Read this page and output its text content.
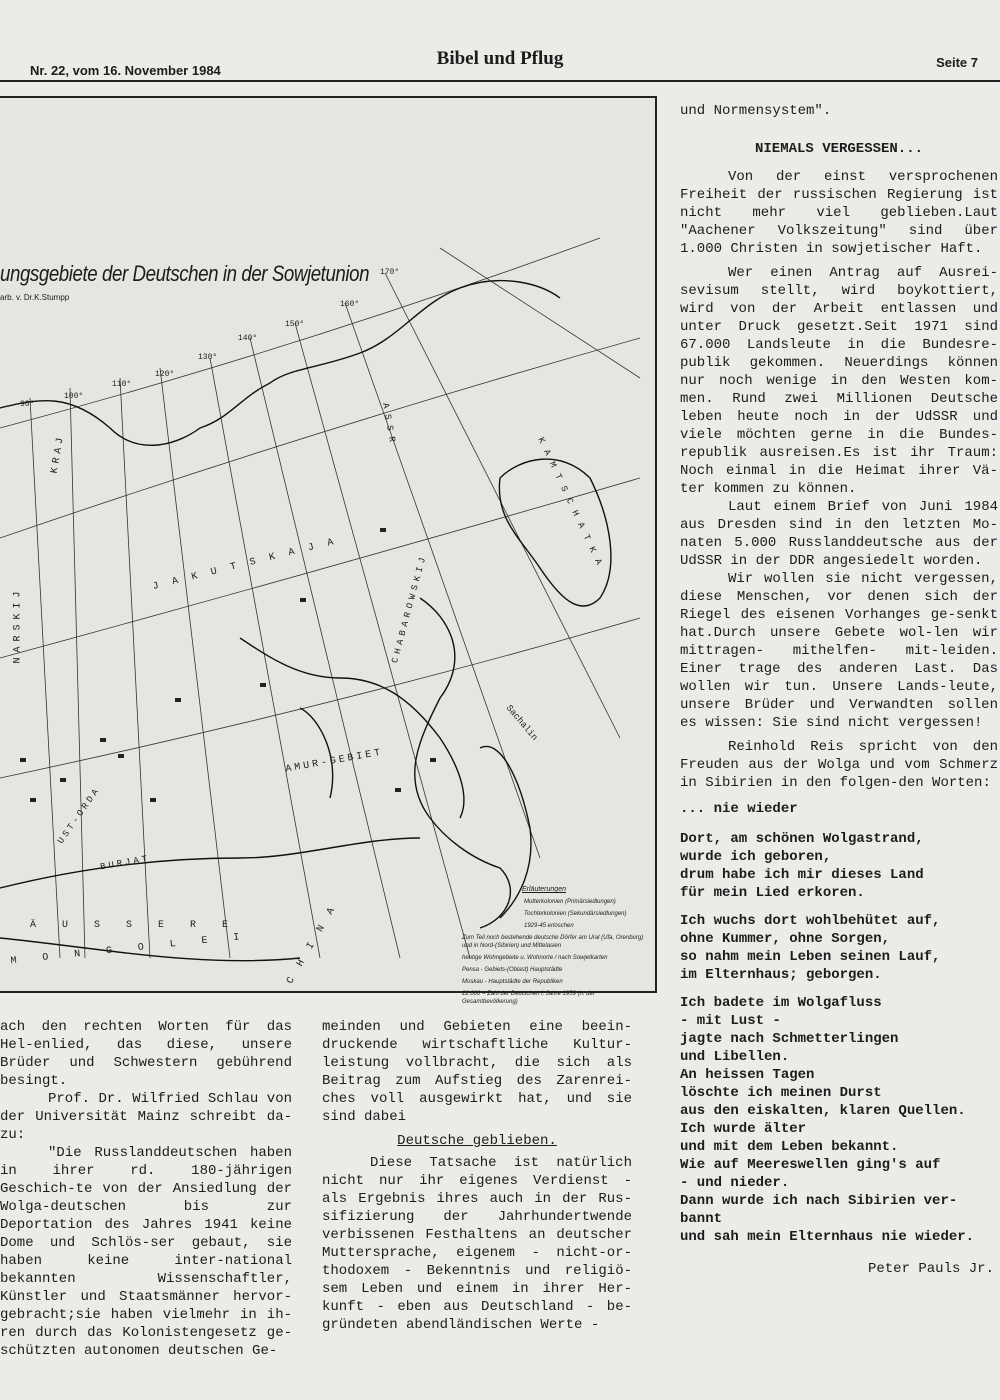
Nr. 22, vom 16. November 1984
Bibel und Pflug	Seite 7
ungsgebiete der Deutschen in der Sowjetunion
arb. v. Dr.K.Stumpp
KRAJ
JAKUTSKAJA
ASSR
AMUR-GEBIET
CHABAROWSKIJ
KAMTSCHATKA
ÄUSSERE
MONGOLEI CHINA
Sachalin
NARSKIJ
UST-ORDA
BURJAT
90°
100°
110°
120°
130°
140°
150°
160°
170°
Erläuterungen
Mutterkolonien (Primärsiedlungen)
Tochterkolonien (Sekundärsiedlungen)
1929-45 erloschen
Zum Teil noch bestehende deutsche Dörfer am Ural (Ufa, Orenburg) und in Nord-(Sibirien) und Mittelasien
heutige Wohngebiete u. Wohnorte / nach Sowjetkarten
Pensa - Gebiets-(Oblast) Hauptstädte
Moskau - Hauptstädte der Republiken
22.000 = Zahl der Deutschen i. Jahre 1959 (n. der Gesamtbevölkerung)

ach den rechten Worten für das Hel-enlied, das diese, unsere Brüder und Schwestern gebührend besingt.

Prof. Dr. Wilfried Schlau von der Universität Mainz schreibt da-zu:

"Die Russlanddeutschen haben in ihrer rd. 180-jährigen Geschich-te von der Ansiedlung der Wolga-deutschen bis zur Deportation des Jahres 1941 keine Dome und Schlös-ser gebaut, sie haben keine inter-national bekannten Wissenschaftler, Künstler und Staatsmänner hervor-gebracht;sie haben vielmehr in ih-ren durch das Kolonistengesetz ge-schützten autonomen deutschen Ge-

meinden und Gebieten eine beein-druckende wirtschaftliche Kultur-leistung vollbracht, die sich als Beitrag zum Aufstieg des Zarenrei-ches voll ausgewirkt hat, und sie sind dabei

Deutsche geblieben.

Diese Tatsache ist natürlich nicht nur ihr eigenes Verdienst - als Ergebnis ihres auch in der Rus-sifizierung der Jahrhundertwende verbissenen Festhaltens an deutscher Muttersprache, eigenem - nicht-or-thodoxem - Bekenntnis und religiö-sem Leben und einem in ihrer Her-kunft - eben aus Deutschland - be-gründeten abendländischen Werte -

und Normensystem".

NIEMALS VERGESSEN...

Von der einst versprochenen Freiheit der russischen Regierung ist nicht mehr viel geblieben.Laut "Aachener Volkszeitung" sind über 1.000 Christen in sowjetischer Haft.

Wer einen Antrag auf Ausrei-sevisum stellt, wird boykottiert, wird von der Arbeit entlassen und unter Druck gesetzt.Seit 1971 sind 67.000 Landsleute in die Bundesre-publik gekommen. Neuerdings können nur noch wenige in den Westen kom-men. Rund zwei Millionen Deutsche leben heute noch in der UdSSR und viele möchten gerne in die Bundes-republik ausreisen.Es ist ihr Traum: Noch einmal in die Heimat ihrer Vä-ter kommen zu können.

Laut einem Brief von Juni 1984 aus Dresden sind in den letzten Mo-naten 5.000 Russlanddeutsche aus der UdSSR in der DDR angesiedelt worden.

Wir wollen sie nicht vergessen, diese Menschen, vor denen sich der Riegel des eisenen Vorhanges ge-senkt hat.Durch unsere Gebete wol-len wir mittragen- mithelfen- mit-leiden. Einer trage des anderen Last. Das wollen wir tun. Unsere Lands-leute, unsere Brüder und Verwandten sollen es wissen: Sie sind nicht vergessen!

Reinhold Reis spricht von den Freuden aus der Wolga und vom Schmerz in Sibirien in den folgen-den Worten:

... nie wieder
Dort, am schönen Wolgastrand,
wurde ich geboren,
drum habe ich mir dieses Land
für mein Lied erkoren.
Ich wuchs dort wohlbehütet auf,
ohne Kummer, ohne Sorgen,
so nahm mein Leben seinen Lauf,
im Elternhaus; geborgen.
Ich badete im Wolgafluss
- mit Lust -
jagte nach Schmetterlingen
und Libellen.
An heissen Tagen
löschte ich meinen Durst
aus den eiskalten, klaren Quellen.
Ich wurde älter
und mit dem Leben bekannt.
Wie auf Meereswellen ging's auf
- und nieder.
Dann wurde ich nach Sibirien ver-
bannt
und sah mein Elternhaus nie wieder.
Peter Pauls Jr.
